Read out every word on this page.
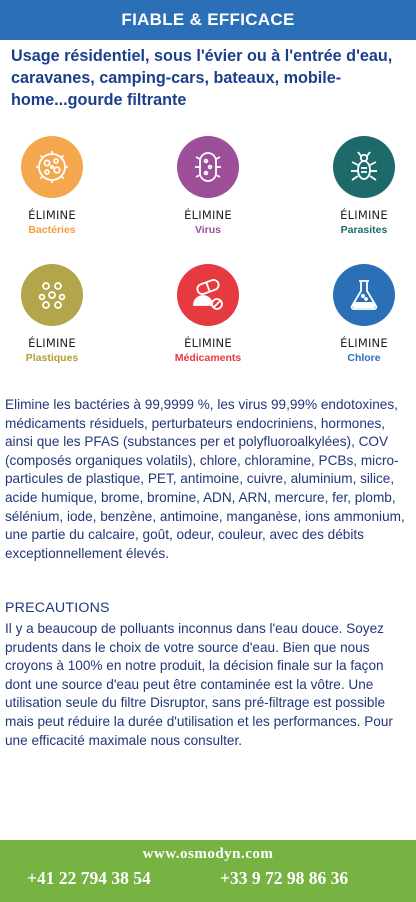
FIABLE & EFFICACE
Usage résidentiel, sous l'évier ou à l'entrée d'eau, caravanes, camping-cars, bateaux, mobile-home...gourde filtrante
ÉLIMINE
Bactéries
ÉLIMINE
Virus
ÉLIMINE
Parasites
ÉLIMINE
Plastiques
ÉLIMINE
Médicaments
ÉLIMINE
Chlore
Elimine les bactéries à 99,9999 %, les virus 99,99% endotoxines, médicaments résiduels, perturbateurs endocriniens, hormones, ainsi que les PFAS (substances per et polyfluoroalkylées), COV (composés organiques volatils), chlore, chloramine, PCBs, micro-particules de plastique, PET, antimoine, cuivre, aluminium, silice, acide humique, brome, bromine, ADN, ARN, mercure, fer, plomb, sélénium, iode, benzène, antimoine, manganèse, ions ammonium, une partie du calcaire, goût, odeur, couleur, avec des débits exceptionnellement élevés.
PRECAUTIONS
Il y a beaucoup de polluants inconnus dans l'eau douce. Soyez prudents dans le choix de votre source d'eau. Bien que nous croyons à 100% en notre produit, la décision finale sur la façon dont une source d'eau peut être contaminée est la vôtre. Une utilisation seule du filtre Disruptor, sans pré-filtrage est possible mais peut réduire la durée d'utilisation et les performances. Pour une efficacité maximale nous consulter.
www.osmodyn.com
+41 22 794 38 54	+33 9 72 98 86 36
